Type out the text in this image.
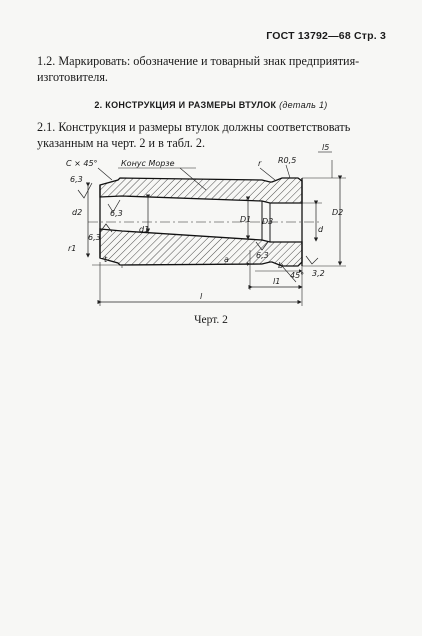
ГОСТ 13792—68 Стр. 3
1.2. Маркировать: обозначение и товарный знак предприятия-изготовителя.
2. КОНСТРУКЦИЯ И РАЗМЕРЫ ВТУЛОК (деталь 1)
2.1. Конструкция и размеры втулок должны соответствовать указанным на черт. 2 и в табл. 2.
C × 45°	Конус Морзе	r R0,5
l5
6,3
6,3
6,3
6,3
3,2
d2
d1
D1 D3
D2
d
r1
t	a
b
l1
l
45°
Черт. 2
